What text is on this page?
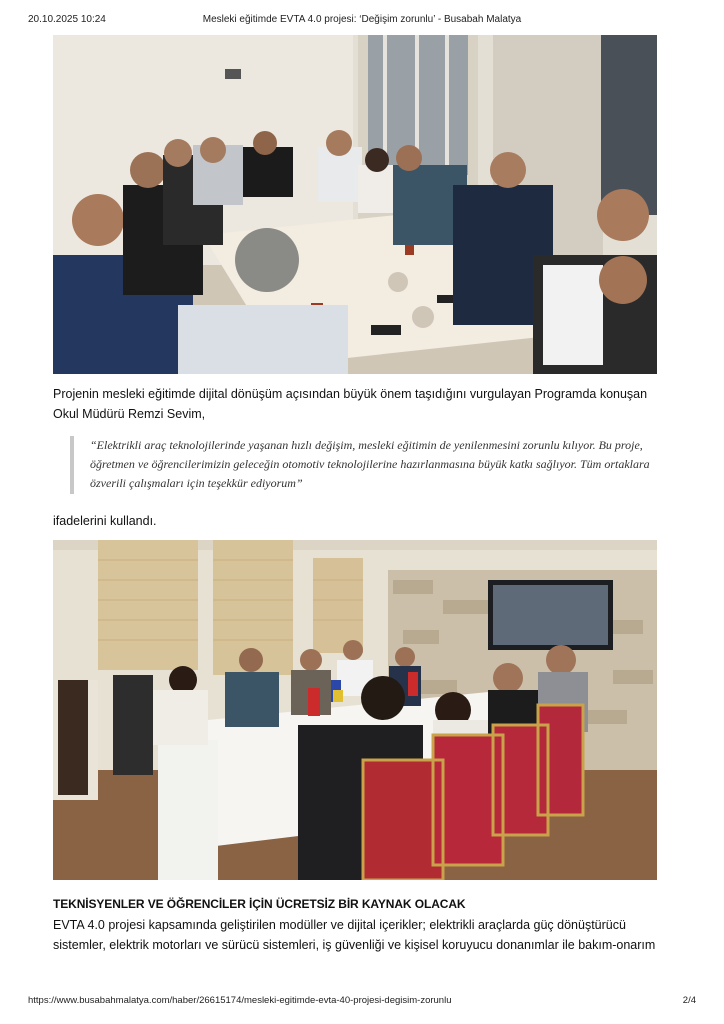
20.10.2025 10:24	Mesleki eğitimde EVTA 4.0 projesi: ‘Değişim zorunlu’ - Busabah Malatya
Projenin mesleki eğitimde dijital dönüşüm açısından büyük önem taşıdığını vurgulayan Programda konuşan Okul Müdürü Remzi Sevim,
“Elektrikli araç teknolojilerinde yaşanan hızlı değişim, mesleki eğitimin de yenilenmesini zorunlu kılıyor. Bu proje, öğretmen ve öğrencilerimizin geleceğin otomotiv teknolojilerine hazırlanmasına büyük katkı sağlıyor. Tüm ortaklara özverili çalışmaları için teşekkür ediyorum”
ifadelerini kullandı.
TEKNİSYENLER VE ÖĞRENCİLER İÇİN ÜCRETSİZ BİR KAYNAK OLACAK
EVTA 4.0 projesi kapsamında geliştirilen modüller ve dijital içerikler; elektrikli araçlarda güç dönüştürücü sistemler, elektrik motorları ve sürücü sistemleri, iş güvenliği ve kişisel koruyucu donanımlar ile bakım-onarım
https://www.busabahmalatya.com/haber/26615174/mesleki-egitimde-evta-40-projesi-degisim-zorunlu	2/4
